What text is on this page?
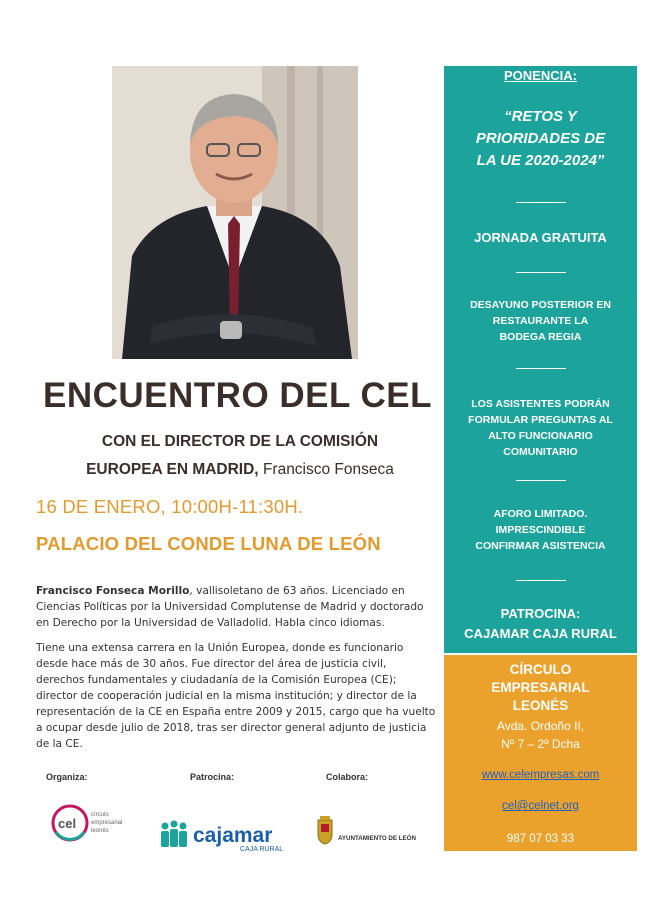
ENCUENTRO DEL CEL
CON EL DIRECTOR DE LA COMISIÓN
EUROPEA EN MADRID, Francisco Fonseca
16 DE ENERO, 10:00H-11:30H.
PALACIO DEL CONDE LUNA DE LEÓN

Francisco Fonseca Morillo, vallisoletano de 63 años. Licenciado en Ciencias Políticas por la Universidad Complutense de Madrid y doctorado en Derecho por la Universidad de Valladolid. Habla cinco idiomas.

Tiene una extensa carrera en la Unión Europea, donde es funcionario desde hace más de 30 años. Fue director del área de justicia civil, derechos fundamentales y ciudadanía de la Comisión Europea (CE); director de cooperación judicial en la misma institución; y director de la representación de la CE en España entre 2009 y 2015, cargo que ha vuelto a ocupar desde julio de 2018, tras ser director general adjunto de justicia de la CE.

Organiza:	Patrocina:	Colabora:
cel
círculo
empresarial
leonés	cajamar
CAJA RURAL
AYUNTAMIENTO DE LEÓN
PONENCIA:
“RETOS Y
PRIORIDADES DE
LA UE 2020-2024”
JORNADA GRATUITA
DESAYUNO POSTERIOR EN
RESTAURANTE LA
BODEGA REGIA
LOS ASISTENTES PODRÁN
FORMULAR PREGUNTAS AL
ALTO FUNCIONARIO
COMUNITARIO
AFORO LIMITADO.
IMPRESCINDIBLE
CONFIRMAR ASISTENCIA
PATROCINA:
CAJAMAR CAJA RURAL
CÍRCULO
EMPRESARIAL
LEONÉS
Avda. Ordoño II,
Nº 7 – 2º Dcha
www.celempresas.com
cel@celnet.org
987 07 03 33
